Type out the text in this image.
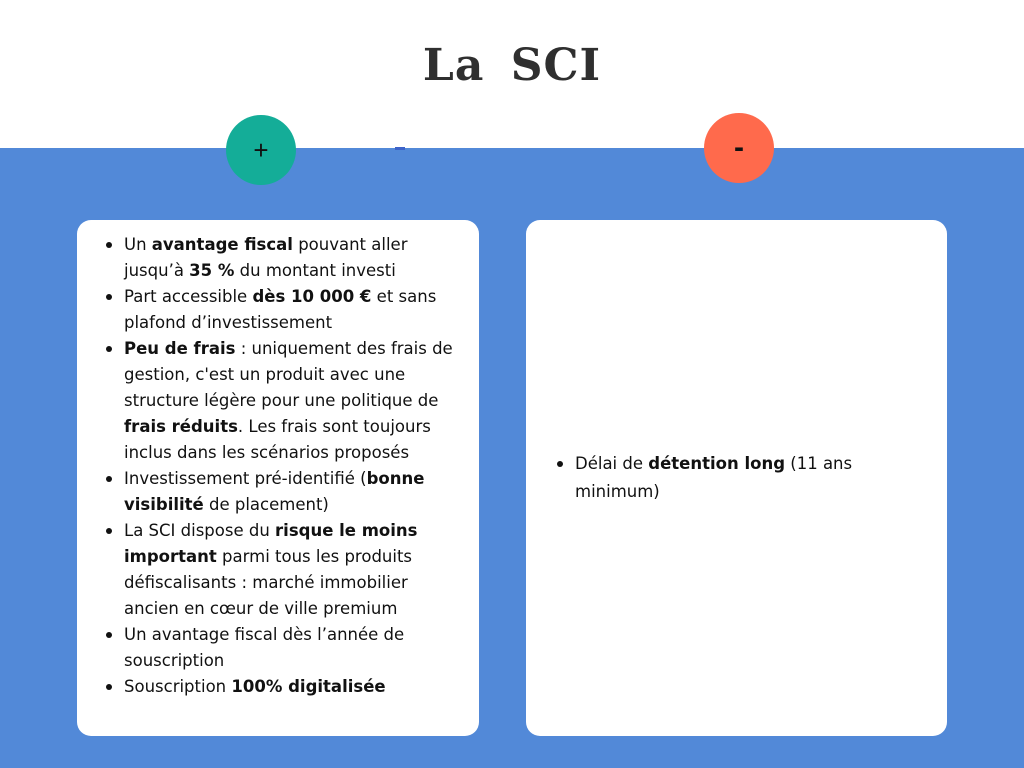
La SCI
+	-
Un avantage fiscal pouvant aller jusqu’à 35 % du montant investi
Part accessible dès 10 000 € et sans plafond d’investissement
Peu de frais : uniquement des frais de gestion, c'est un produit avec une structure légère pour une politique de frais réduits. Les frais sont toujours inclus dans les scénarios proposés
Investissement pré-identifié (bonne visibilité de placement)
La SCI dispose du risque le moins important parmi tous les produits défiscalisants : marché immobilier ancien en cœur de ville premium
Un avantage fiscal dès l’année de souscription
Souscription 100% digitalisée
Délai de détention long (11 ans minimum)
